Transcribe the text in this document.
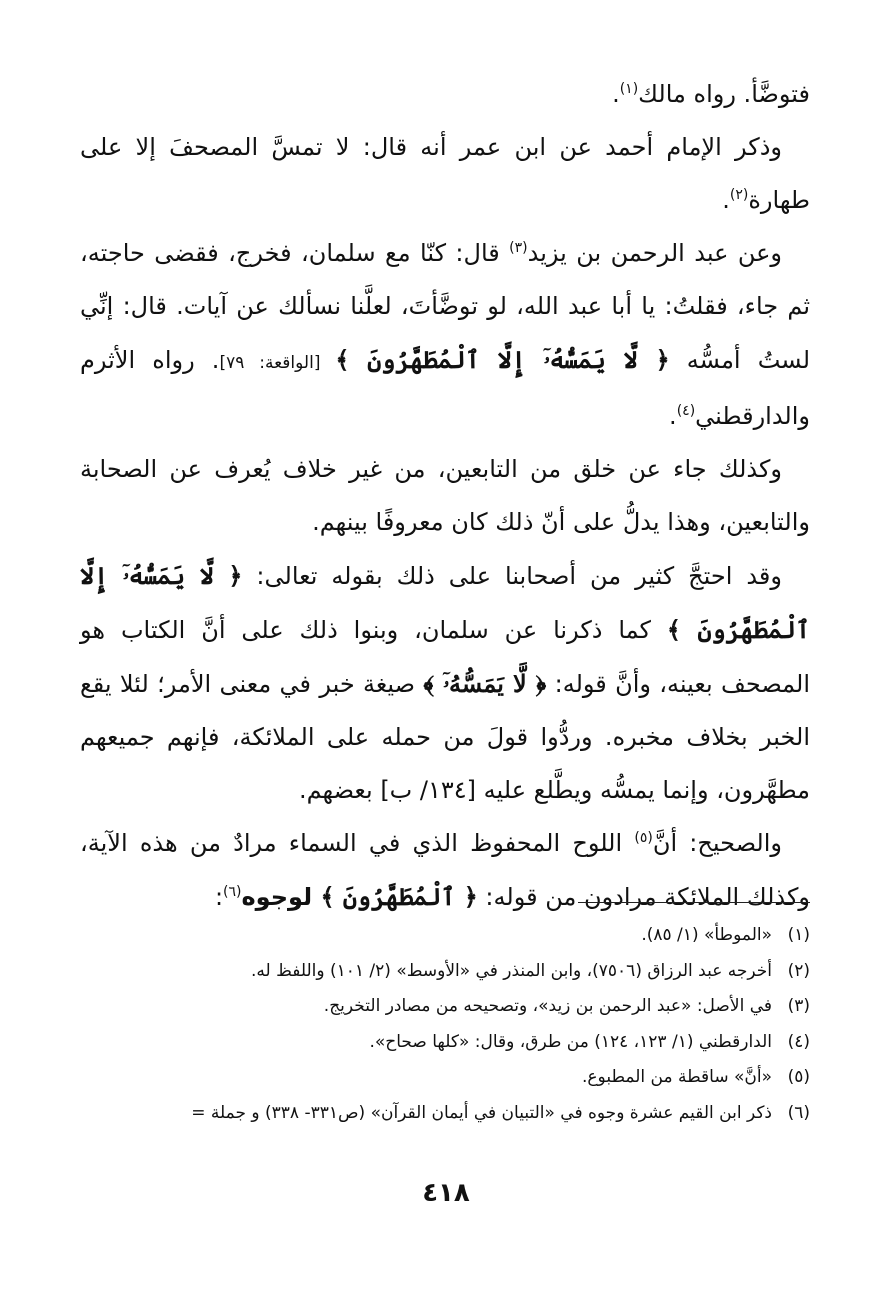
فتوضَّأ. رواه مالك$^{(١)}$.

وذكر الإمام أحمد عن ابن عمر أنه قال: لا تمسَّ المصحفَ إلا على طهارة$^{(٢)}$.

وعن عبد الرحمن بن يزيد$^{(٣)}$ قال: كنّا مع سلمان، فخرج، فقضى حاجته، ثم جاء، فقلتُ: يا أبا عبد الله، لو توضَّأتَ، لعلَّنا نسألك عن آيات. قال: إنِّي لستُ أمسُّه ﴿ لَّا يَمَسُّهُۥٓ إِلَّا ٱلْمُطَهَّرُونَ ﴾ [الواقعة: ٧٩]. رواه الأثرم والدارقطني$^{(٤)}$.

وكذلك جاء عن خلق من التابعين، من غير خلاف يُعرف عن الصحابة والتابعين، وهذا يدلُّ على أنّ ذلك كان معروفًا بينهم.

وقد احتجَّ كثير من أصحابنا على ذلك بقوله تعالى: ﴿ لَّا يَمَسُّهُۥٓ إِلَّا ٱلْمُطَهَّرُونَ ﴾ كما ذكرنا عن سلمان، وبنوا ذلك على أنَّ الكتاب هو المصحف بعينه، وأنَّ قوله: ﴿ لَّا يَمَسُّهُۥٓ ﴾ صيغة خبر في معنى الأمر؛ لئلا يقع الخبر بخلاف مخبره. وردُّوا قولَ من حمله على الملائكة، فإنهم جميعهم مطهَّرون، وإنما يمسُّه ويطَّلع عليه [١٣٤/ ب] بعضهم.

والصحيح: أنَّ$^{(٥)}$ اللوح المحفوظ الذي في السماء مرادٌ من هذه الآية، وكذلك الملائكة مرادون من قوله: ﴿ ٱلْمُطَهَّرُونَ ﴾ لوجوه$^{(٦)}$:

(١)
«الموطأ» (١/ ٨٥).
(٢)
أخرجه عبد الرزاق (٧٥٠٦)، وابن المنذر في «الأوسط» (٢/ ١٠١) واللفظ له.
(٣)
في الأصل: «عبد الرحمن بن زيد»، وتصحيحه من مصادر التخريج.
(٤)
الدارقطني (١/ ١٢٣، ١٢٤) من طرق، وقال: «كلها صحاح».
(٥)
«أنَّ» ساقطة من المطبوع.
(٦)
ذكر ابن القيم عشرة وجوه في «التبيان في أيمان القرآن» (ص٣٣١- ٣٣٨) و جملة =
٤١٨
